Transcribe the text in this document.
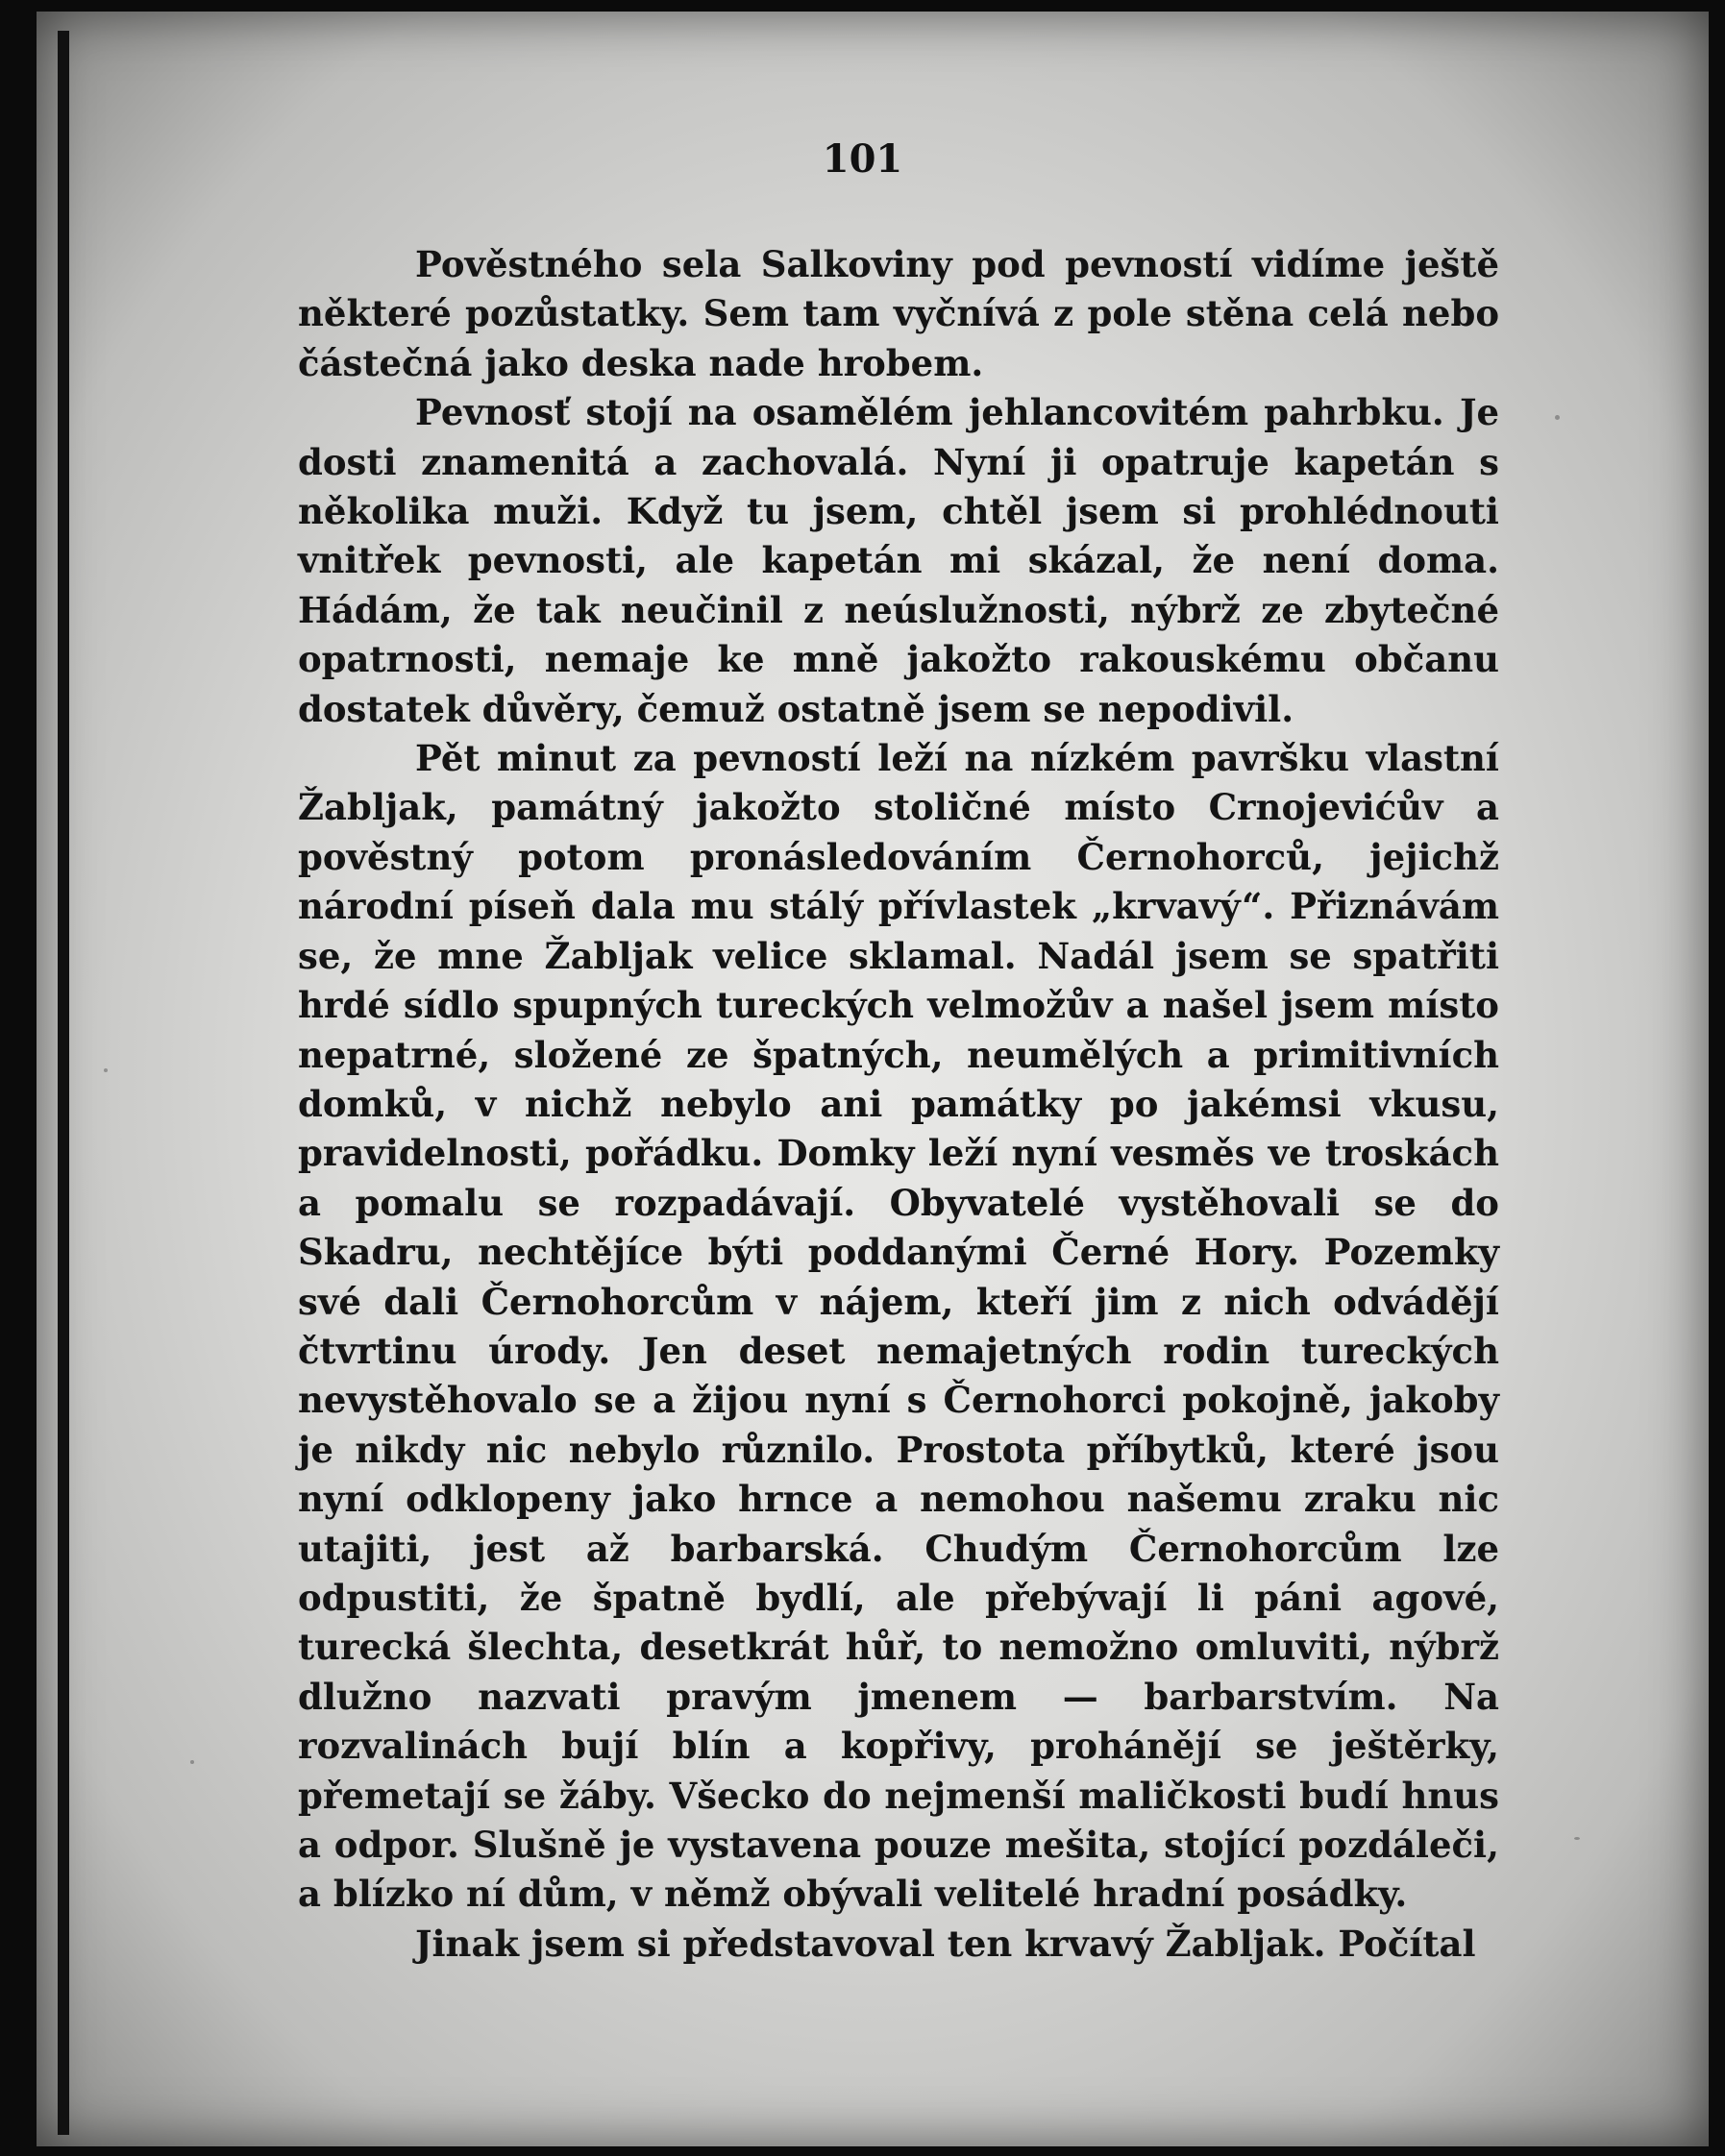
101

Pověstného sela Salkoviny pod pevností vidíme ještě některé pozůstatky. Sem tam vyčnívá z pole stěna celá nebo částečná jako deska nade hrobem.

Pevnosť stojí na osamělém jehlancovitém pahrbku. Je dosti znamenitá a zachovalá. Nyní ji opatruje kapetán s několika muži. Když tu jsem, chtěl jsem si prohlédnouti vnitřek pevnosti, ale kapetán mi skázal, že není doma. Hádám, že tak neučinil z neúslužnosti, nýbrž ze zbytečné opatrnosti, nemaje ke mně jakožto rakouskému občanu dostatek důvěry, čemuž ostatně jsem se nepodivil.

Pět minut za pevností leží na nízkém pavršku vlastní Žabljak, památný jakožto stoličné místo Crnojevićův a pověstný potom pronásledováním Černohorců, jejichž národní píseň dala mu stálý přívlastek „krvavý“. Přiznávám se, že mne Žabljak velice sklamal. Nadál jsem se spatřiti hrdé sídlo spupných tureckých velmožův a našel jsem místo nepatrné, složené ze špatných, neumělých a primitivních domků, v nichž nebylo ani památky po jakémsi vkusu, pravidelnosti, pořádku. Domky leží nyní vesměs ve troskách a pomalu se rozpadávají. Obyvatelé vystěhovali se do Skadru, nechtějíce býti poddanými Černé Hory. Pozemky své dali Černohorcům v nájem, kteří jim z nich odvádějí čtvrtinu úrody. Jen deset nemajetných rodin tureckých nevystěhovalo se a žijou nyní s Černohorci pokojně, jakoby je nikdy nic nebylo různilo. Prostota příbytků, které jsou nyní odklopeny jako hrnce a nemohou našemu zraku nic utajiti, jest až barbarská. Chudým Černohorcům lze odpustiti, že špatně bydlí, ale přebývají li páni agové, turecká šlechta, desetkrát hůř, to nemožno omluviti, nýbrž dlužno nazvati pravým jmenem — barbarstvím. Na rozvalinách bujı́ blín a kopřivy, prohánějí se ještěrky, přemetají se žáby. Všecko do nejmenší maličkosti budí hnus a odpor. Slušně je vystavena pouze mešita, stojící pozdáleči, a blízko ní dům, v němž obývali velitelé hradní posádky.

Jinak jsem si představoval ten krvavý Žabljak. Počítal
